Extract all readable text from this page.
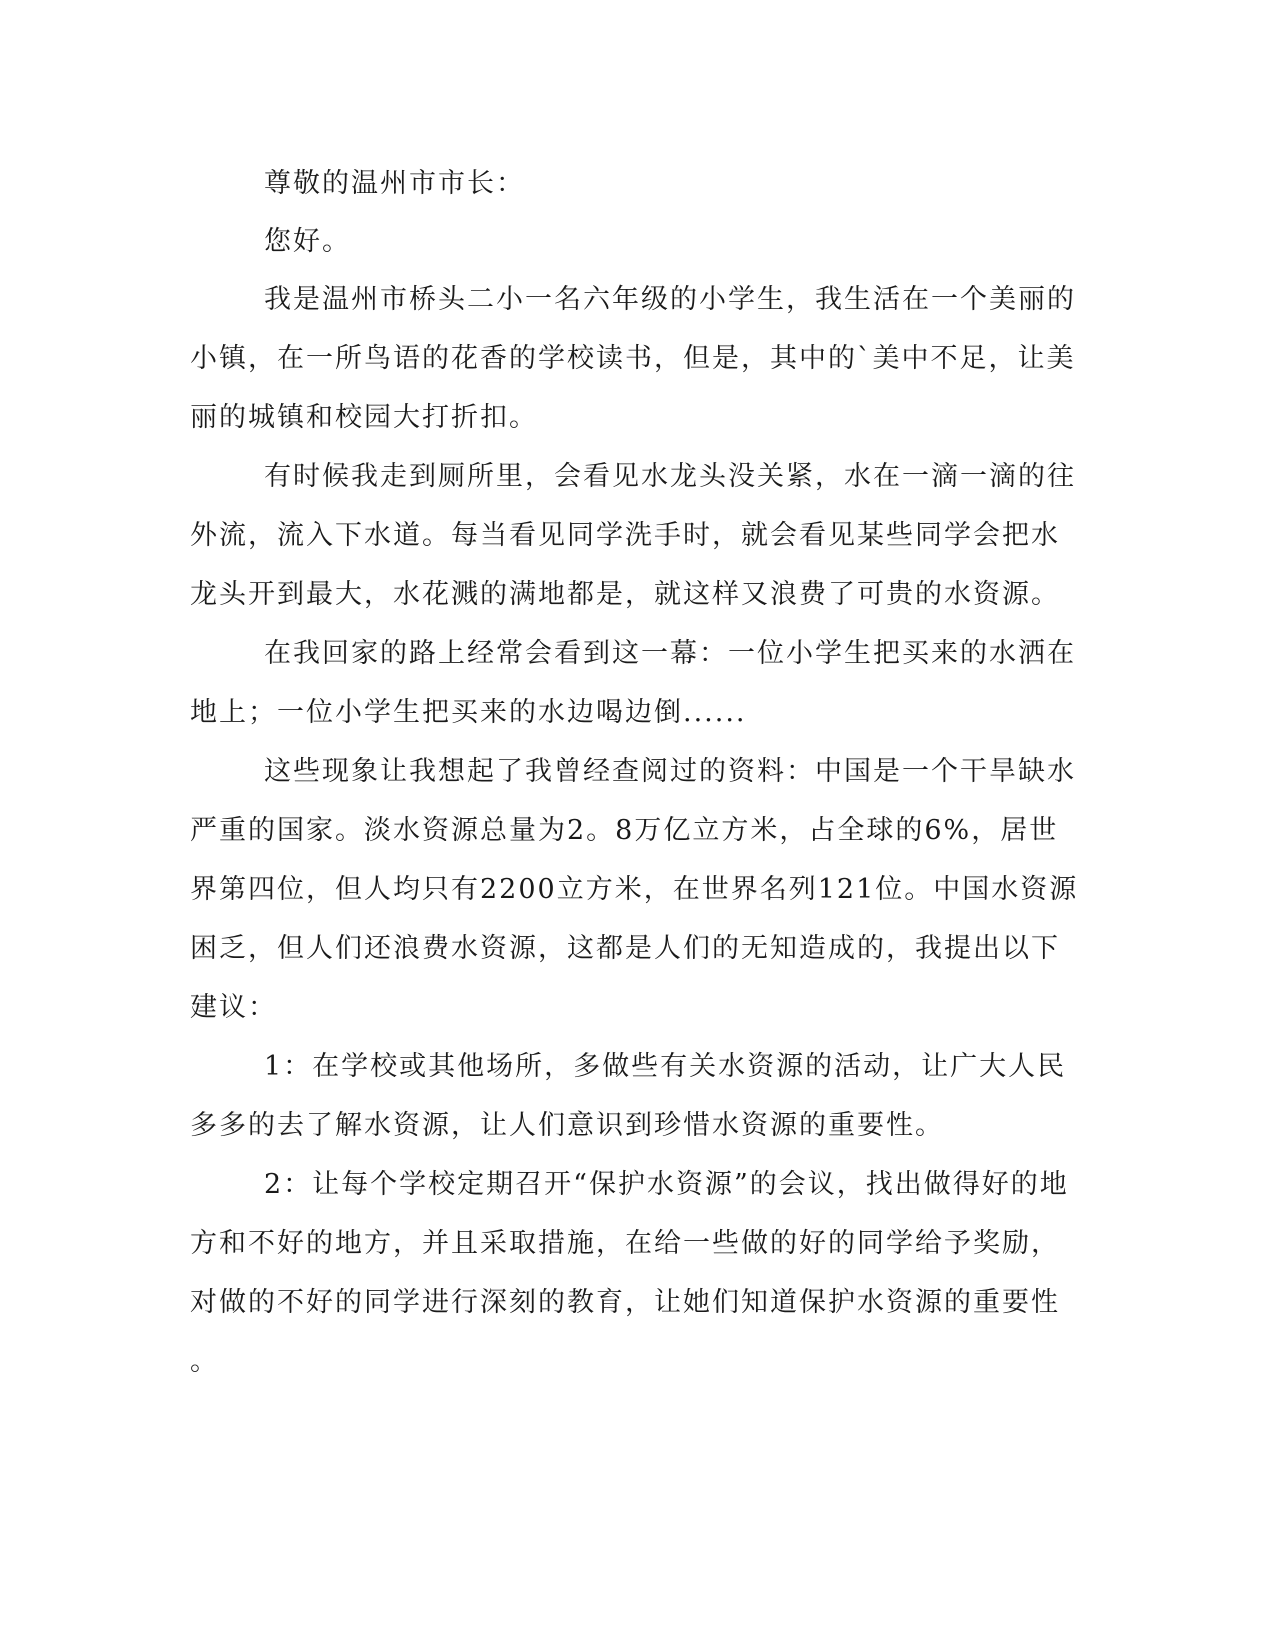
尊敬的温州市市长：

您好。

我是温州市桥头二小一名六年级的小学生，我生活在一个美丽的

小镇，在一所鸟语的花香的学校读书，但是，其中的`美中不足，让美

丽的城镇和校园大打折扣。

有时候我走到厕所里，会看见水龙头没关紧，水在一滴一滴的往

外流，流入下水道。每当看见同学洗手时，就会看见某些同学会把水

龙头开到最大，水花溅的满地都是，就这样又浪费了可贵的水资源。

在我回家的路上经常会看到这一幕：一位小学生把买来的水洒在

地上；一位小学生把买来的水边喝边倒......

这些现象让我想起了我曾经查阅过的资料：中国是一个干旱缺水

严重的国家。淡水资源总量为2。8万亿立方米，占全球的6%，居世

界第四位，但人均只有2200立方米，在世界名列121位。中国水资源

困乏，但人们还浪费水资源，这都是人们的无知造成的，我提出以下

建议：

1：在学校或其他场所，多做些有关水资源的活动，让广大人民

多多的去了解水资源，让人们意识到珍惜水资源的重要性。

2：让每个学校定期召开“保护水资源”的会议，找出做得好的地

方和不好的地方，并且采取措施，在给一些做的好的同学给予奖励，

对做的不好的同学进行深刻的教育，让她们知道保护水资源的重要性

。
